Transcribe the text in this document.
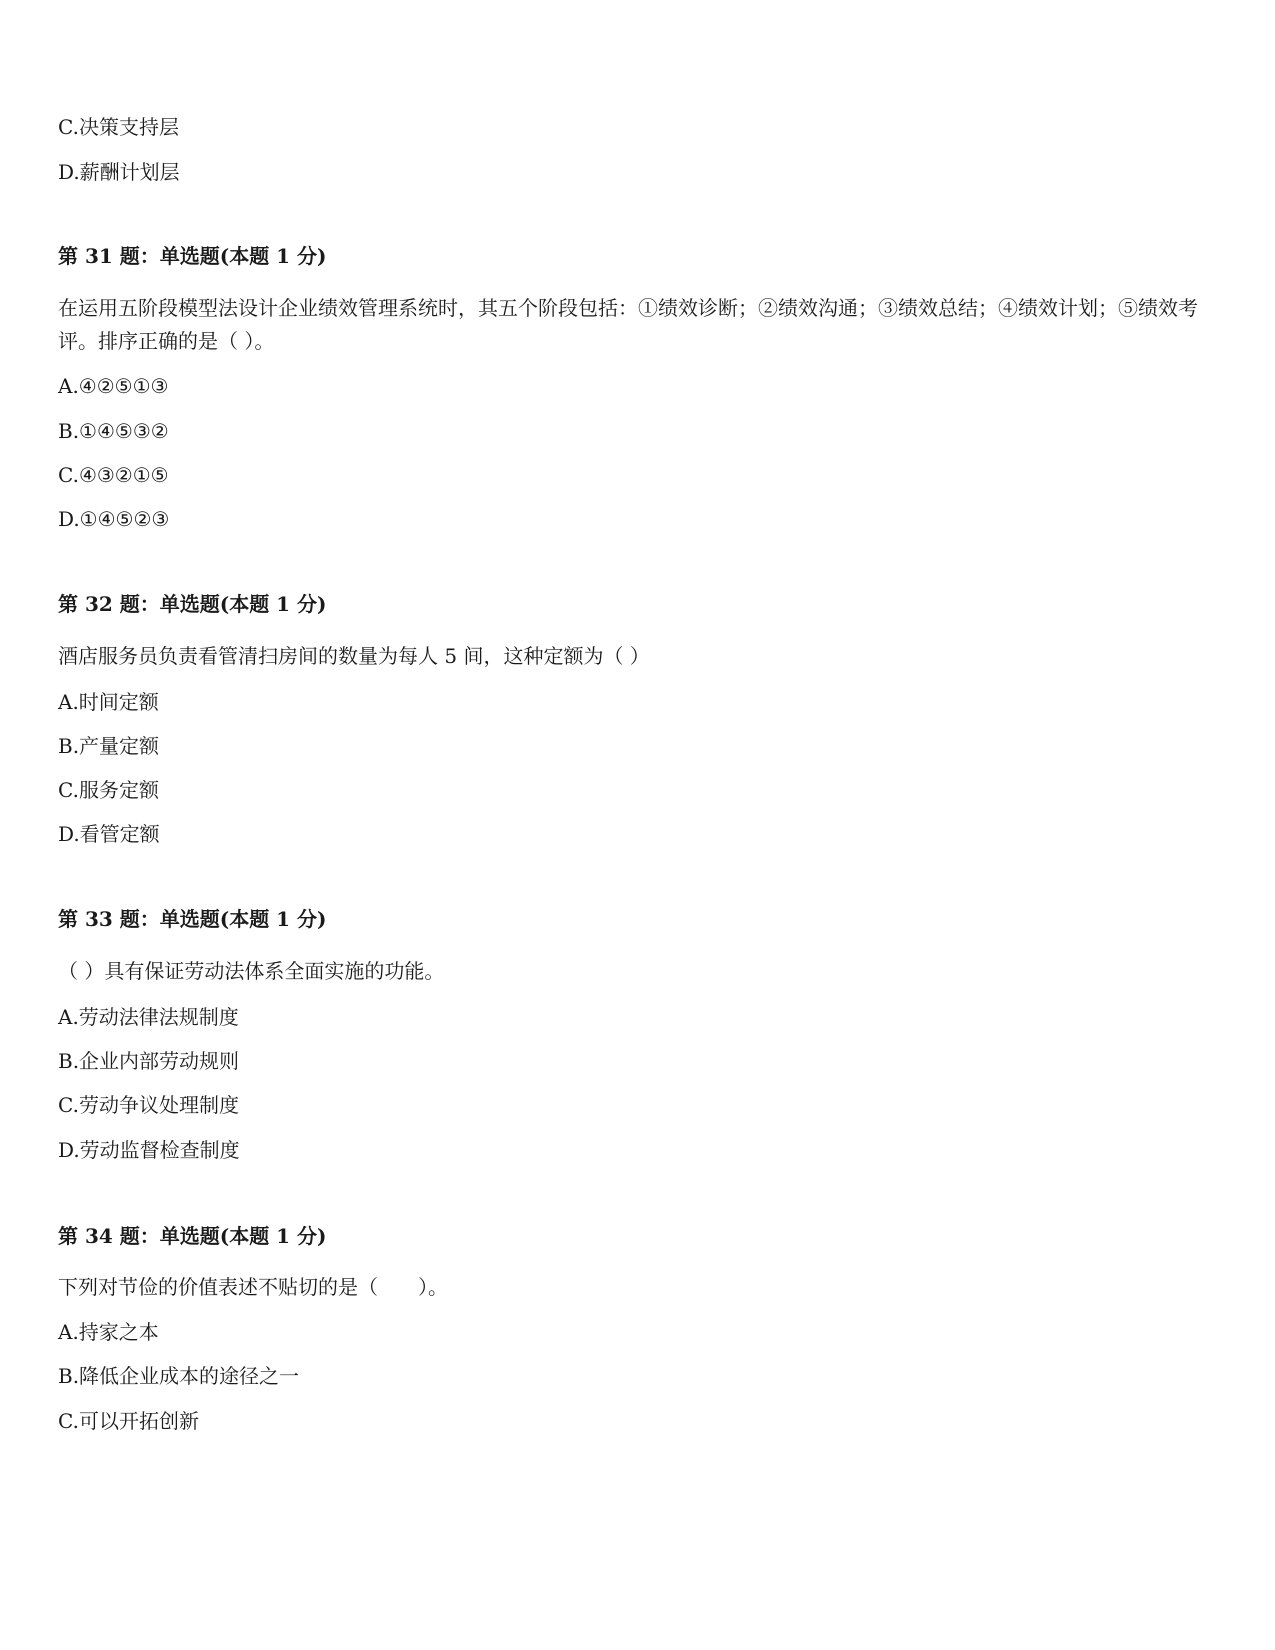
C.决策支持层
D.薪酬计划层
第 31 题：单选题(本题 1 分)
在运用五阶段模型法设计企业绩效管理系统时，其五个阶段包括：①绩效诊断；②绩效沟通；③绩效总结；④绩效计划；⑤绩效考评。排序正确的是（ ）。
A.④②⑤①③
B.①④⑤③②
C.④③②①⑤
D.①④⑤②③
第 32 题：单选题(本题 1 分)
酒店服务员负责看管清扫房间的数量为每人 5 间，这种定额为（ ）
A.时间定额
B.产量定额
C.服务定额
D.看管定额
第 33 题：单选题(本题 1 分)
（ ）具有保证劳动法体系全面实施的功能。
A.劳动法律法规制度
B.企业内部劳动规则
C.劳动争议处理制度
D.劳动监督检查制度
第 34 题：单选题(本题 1 分)
下列对节俭的价值表述不贴切的是（　　）。
A.持家之本
B.降低企业成本的途径之一
C.可以开拓创新
